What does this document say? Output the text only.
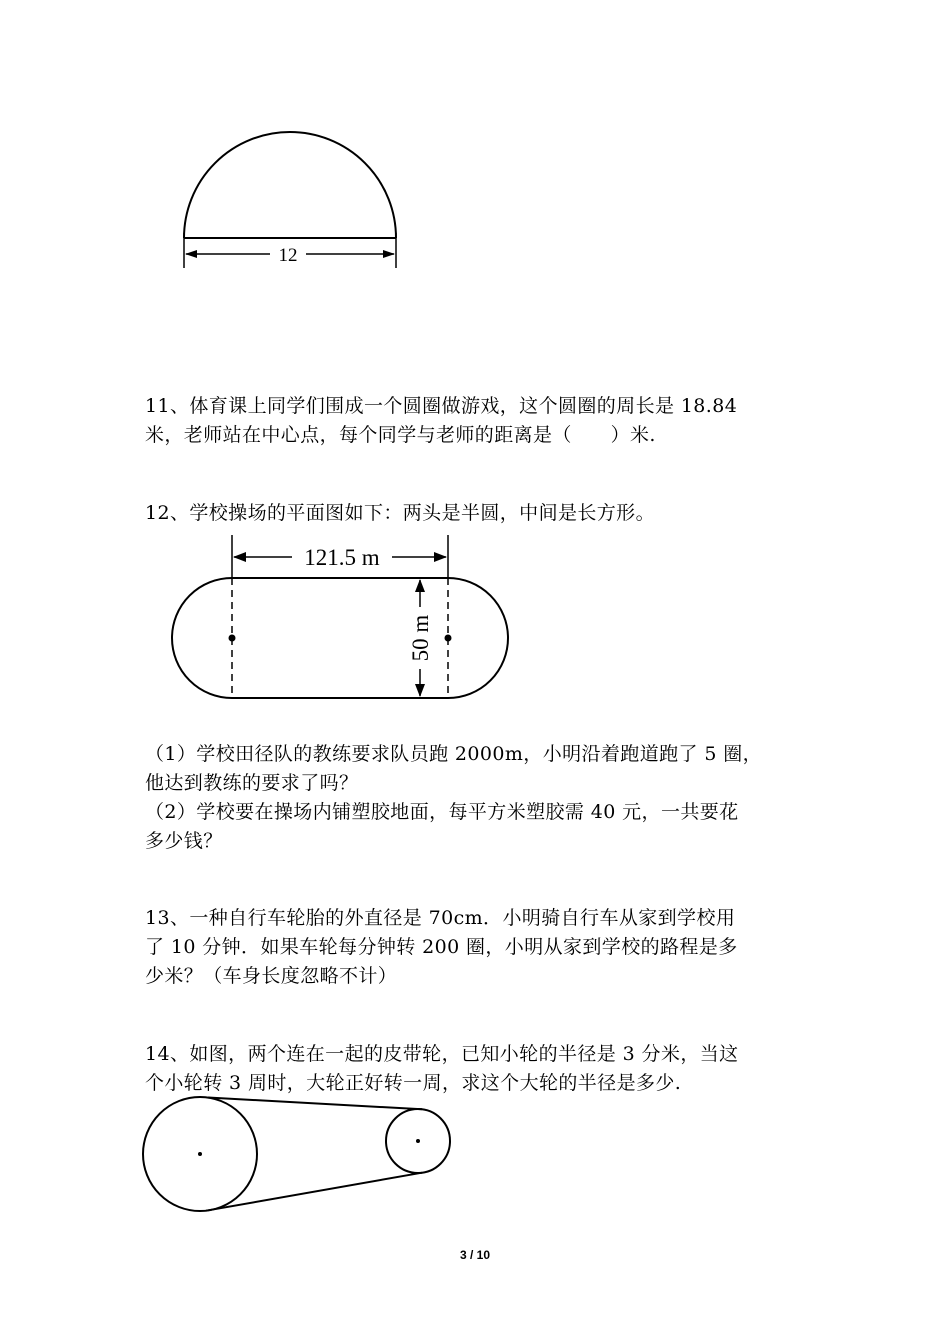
12
11、体育课上同学们围成一个圆圈做游戏，这个圆圈的周长是 18.84
米，老师站在中心点，每个同学与老师的距离是（　　）米.
12、学校操场的平面图如下：两头是半圆，中间是长方形。
121.5 m
50 m
（1）学校田径队的教练要求队员跑 2000m，小明沿着跑道跑了 5 圈，
他达到教练的要求了吗？
（2）学校要在操场内铺塑胶地面，每平方米塑胶需 40 元，一共要花
多少钱？
13、一种自行车轮胎的外直径是 70cm．小明骑自行车从家到学校用
了 10 分钟．如果车轮每分钟转 200 圈，小明从家到学校的路程是多
少米？（车身长度忽略不计）
14、如图，两个连在一起的皮带轮，已知小轮的半径是 3 分米，当这
个小轮转 3 周时，大轮正好转一周，求这个大轮的半径是多少.
3 / 10
